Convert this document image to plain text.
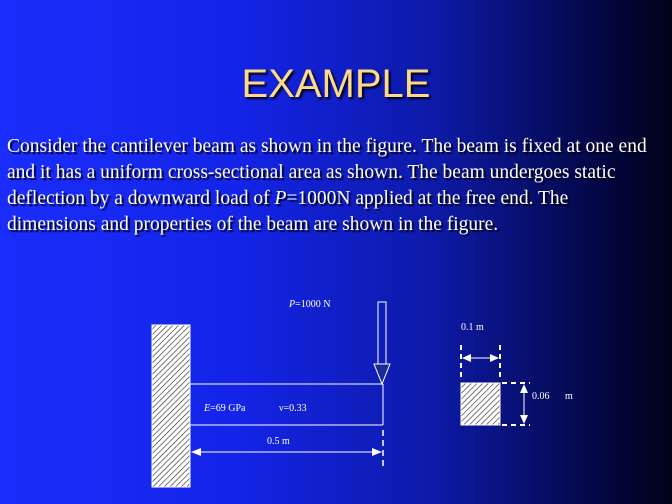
EXAMPLE
Consider the cantilever beam as shown in the figure. The beam is fixed at one end and it has a uniform cross-sectional area as shown. The beam undergoes static deflection by a downward load of P=1000N applied at the free end. The dimensions and properties of the beam are shown in the figure.
P=1000 N
E=69 GPa	ν=0.33
0.5 m
0.1 m
0.06 m
